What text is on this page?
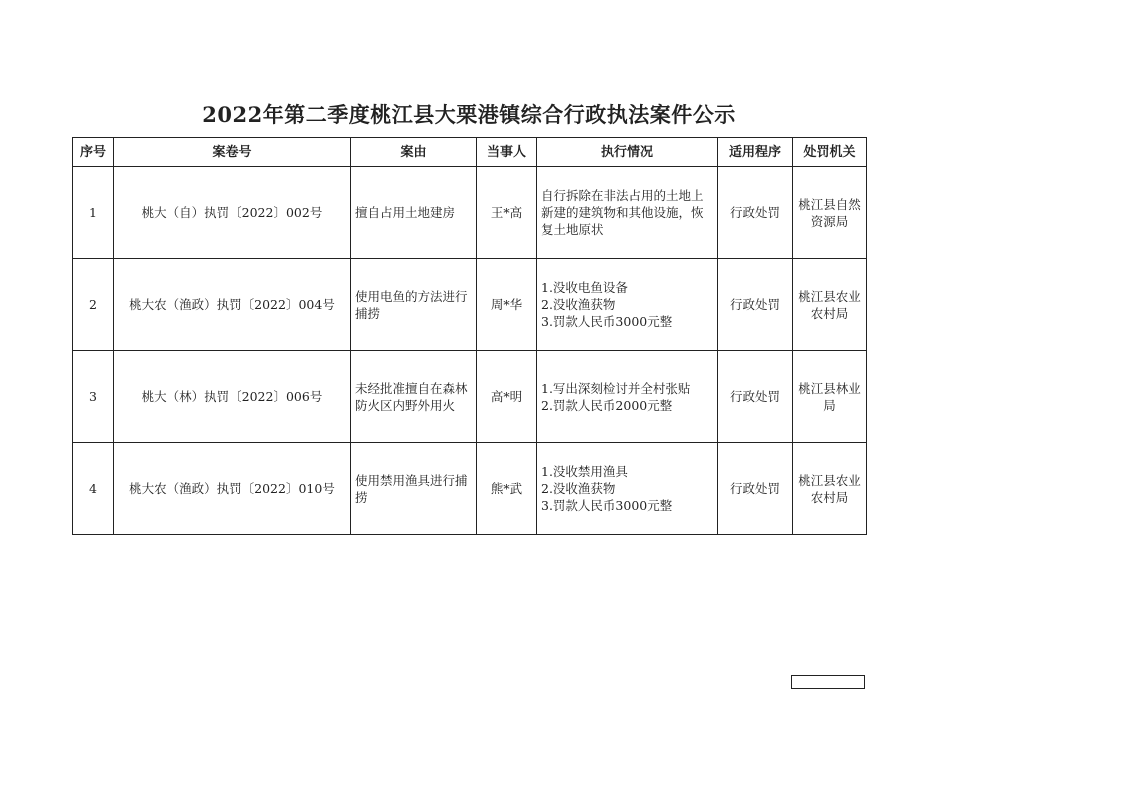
2022年第二季度桃江县大栗港镇综合行政执法案件公示
序号	案卷号	案由	当事人	执行情况	适用程序	处罚机关
1	桃大（自）执罚〔2022〕002号	擅自占用土地建房	王*高	自行拆除在非法占用的土地上新建的建筑物和其他设施，恢复土地原状	行政处罚	桃江县自然资源局
2	桃大农（渔政）执罚〔2022〕004号	使用电鱼的方法进行捕捞	周*华	1.没收电鱼设备
2.没收渔获物
3.罚款人民币3000元整	行政处罚	桃江县农业农村局
3	桃大（林）执罚〔2022〕006号	未经批准擅自在森林防火区内野外用火	高*明	1.写出深刻检讨并全村张贴
2.罚款人民币2000元整	行政处罚	桃江县林业局
4	桃大农（渔政）执罚〔2022〕010号	使用禁用渔具进行捕捞	熊*武	1.没收禁用渔具
2.没收渔获物
3.罚款人民币3000元整	行政处罚	桃江县农业农村局
